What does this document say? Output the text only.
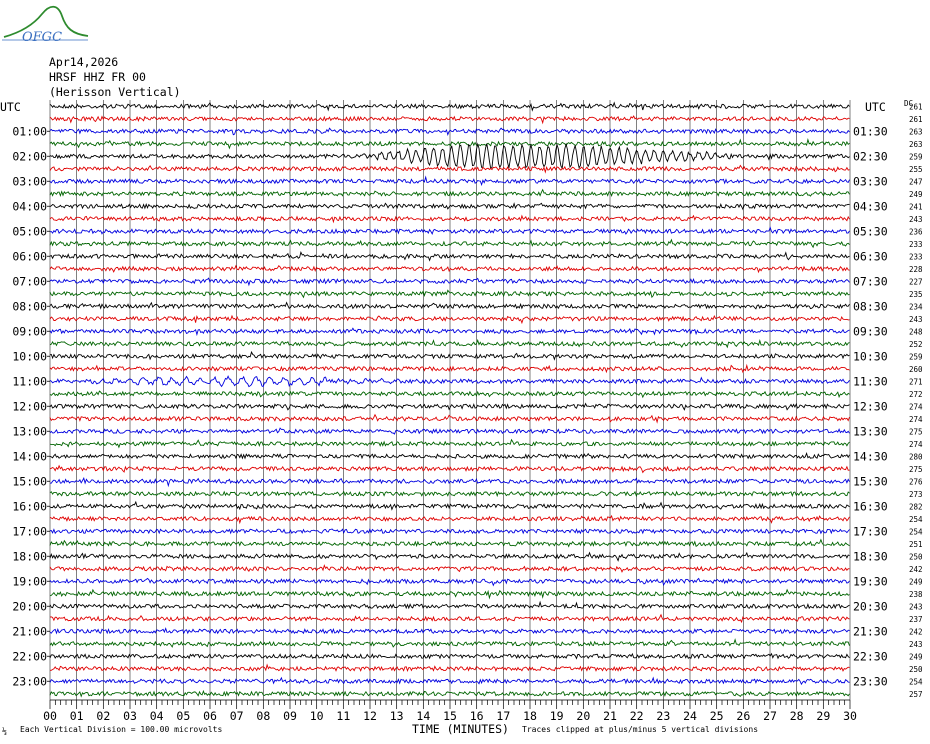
OFGC
Apr14,2026
HRSF HHZ FR 00
(Herisson Vertical)
UTC	UTC	261
261
263
263
259
255
247
249
241
243
236
233
233
228
227
235
234
243
248
252
259
260
271
272
274
274
275
274
280
275
276
273
282
254
254
251
250
242
249
238
243
237
242
243
249
250
254
257
DC
01:00
02:00
03:00
04:00
05:00
06:00
07:00
08:00
09:00
10:00
11:00
12:00
13:00
14:00
15:00
16:00
17:00
18:00
19:00
20:00
21:00
22:00
23:00
01:30
02:30
03:30
04:30
05:30
06:30
07:30
08:30
09:30
10:30
11:30
12:30
13:30
14:30
15:30
16:30
17:30
18:30
19:30
20:30
21:30
22:30
23:30
00 01 02 03 04 05 06 07 08 09 10 11 12 13 14 15 16 17 18 19 20 21 22 23 24 25 26 27 28 29 30
⅓ Each Vertical Division = 100.00 microvolts	TIME (MINUTES) Traces clipped at plus/minus 5 vertical divisions
